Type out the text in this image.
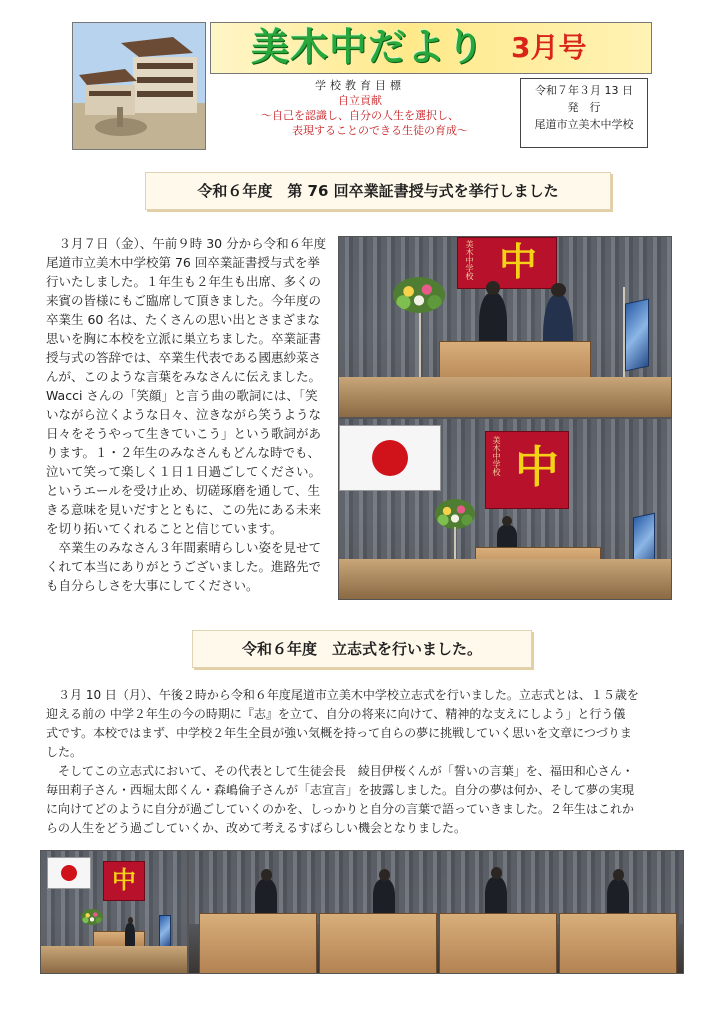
美木中だより 3月号
学校教育目標
自立貢献
～自己を認識し、自分の人生を選択し、
表現することのできる生徒の育成～
令和７年３月 13 日
発　行
尾道市立美木中学校
令和６年度　第 76 回卒業証書授与式を挙行しました
３月７日（金）、午前９時 30 分から令和６年度
尾道市立美木中学校第 76 回卒業証書授与式を挙
行いたしました。１年生も２年生も出席、多くの
来賓の皆様にもご臨席して頂きました。今年度の
卒業生 60 名は、たくさんの思い出とさまざまな
思いを胸に本校を立派に巣立ちました。卒業証書
授与式の答辞では、卒業生代表である國惠紗菜さ
んが、このような言葉をみなさんに伝えました。
Wacci さんの「笑顔」と言う曲の歌詞には、「笑
いながら泣くような日々、泣きながら笑うような
日々をそうやって生きていこう」という歌詞があ
ります。１・２年生のみなさんもどんな時でも、
泣いて笑って楽しく１日１日過ごしてください。
というエールを受け止め、切磋琢磨を通して、生
きる意味を見いだすとともに、この先にある未来
を切り拓いてくれることと信じています。
卒業生のみなさん３年間素晴らしい姿を見せて
くれて本当にありがとうございました。進路先で
も自分らしさを大事にしてください。
美木中学校 中
美木中学校 中
令和６年度　立志式を行いました。
３月 10 日（月）、午後２時から令和６年度尾道市立美木中学校立志式を行いました。立志式とは、１５歳を
迎える前の 中学２年生の今の時期に『志』を立て、自分の将来に向けて、精神的な支えにしよう」と行う儀
式です。本校ではまず、中学校２年生全員が強い気概を持って自らの夢に挑戦していく思いを文章につづりま
した。
そしてこの立志式において、その代表として生徒会長　綾目伊桜くんが「誓いの言葉」を、福田和心さん・
毎田莉子さん・西堀太郎くん・森嶋倫子さんが「志宣言」を披露しました。自分の夢は何か、そして夢の実現
に向けてどのように自分が過ごしていくのかを、しっかりと自分の言葉で語っていきました。２年生はこれか
らの人生をどう過ごしていくか、改めて考えるすばらしい機会となりました。
中
